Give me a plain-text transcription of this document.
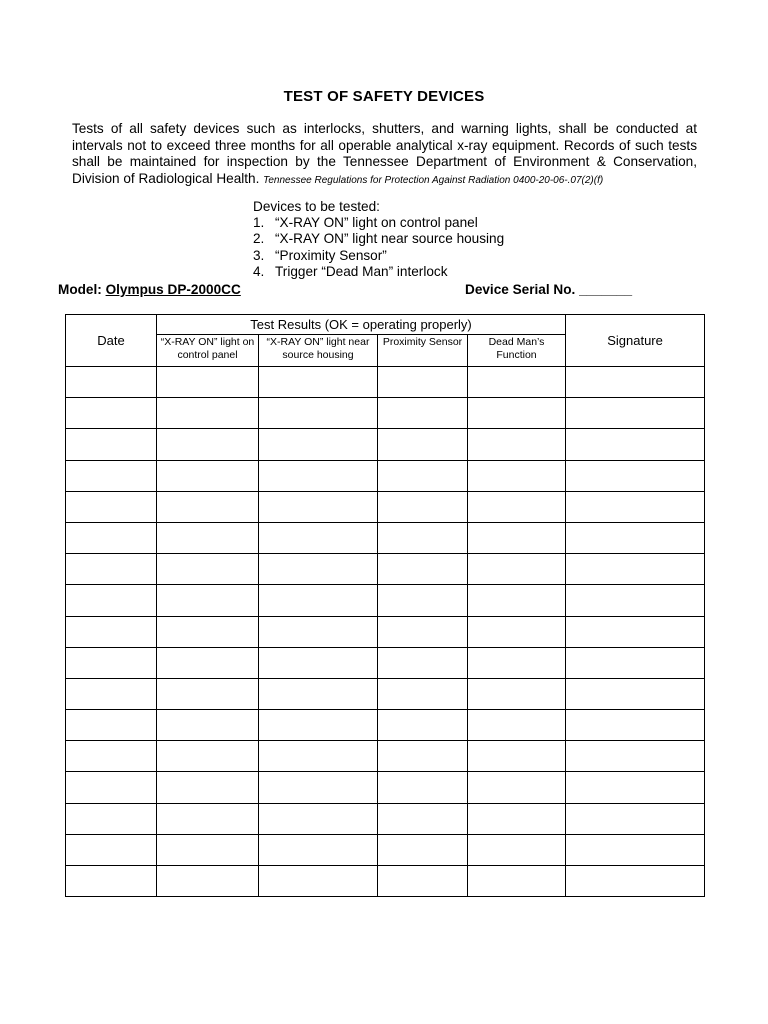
TEST OF SAFETY DEVICES
Tests of all safety devices such as interlocks, shutters, and warning lights, shall be conducted at intervals not to exceed three months for all operable analytical x-ray equipment. Records of such tests shall be maintained for inspection by the Tennessee Department of Environment & Conservation, Division of Radiological Health. Tennessee Regulations for Protection Against Radiation 0400-20-06-.07(2)(f)
Devices to be tested:
1. “X-RAY ON” light on control panel
2. “X-RAY ON” light near source housing
3. “Proximity Sensor”
4. Trigger “Dead Man” interlock
Model: Olympus DP-2000CC	Device Serial No. _______
Date	Test Results (OK = operating properly)				Signature
	“X-RAY ON” light on control panel	“X-RAY ON” light near source housing	Proximity Sensor	Dead Man’s Function	
